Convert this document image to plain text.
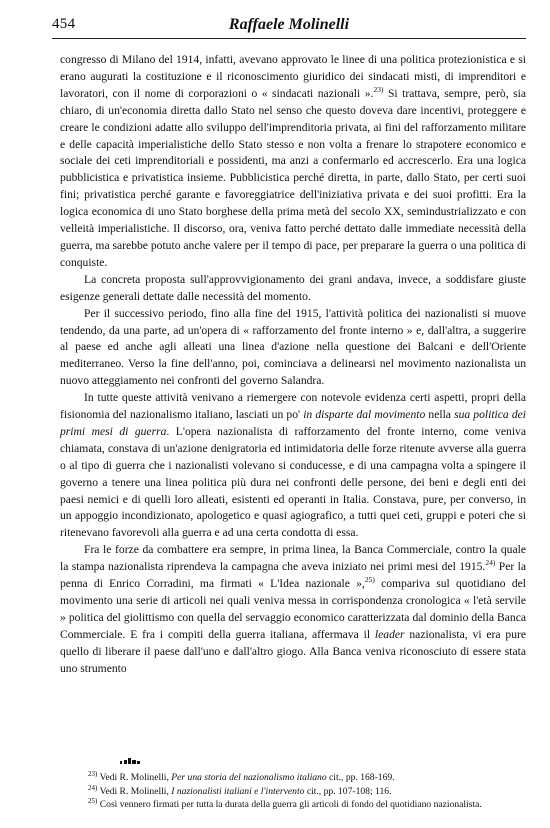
454	Raffaele Molinelli

congresso di Milano del 1914, infatti, avevano approvato le linee di una politica protezionistica e si erano augurati la costituzione e il riconoscimento giuridico dei sindacati misti, di imprenditori e lavoratori, con il nome di corporazioni o « sindacati nazionali ».$^{23)}$ Si trattava, sempre, però, sia chiaro, di un'economia diretta dallo Stato nel senso che questo doveva dare incentivi, proteggere e creare le condizioni adatte allo sviluppo dell'imprenditoria privata, ai fini del rafforzamento militare e delle capacità imperialistiche dello Stato stesso e non volta a frenare lo strapotere economico e sociale dei ceti imprenditoriali e possidenti, ma anzi a confermarlo ed accrescerlo. Era una logica pubblicistica e privatistica insieme. Pubblicistica perché diretta, in parte, dallo Stato, per certi suoi fini; privatistica perché garante e favoreggiatrice dell'iniziativa privata e dei suoi profitti. Era la logica economica di uno Stato borghese della prima metà del secolo XX, semindustrializzato e con velleità imperialistiche. Il discorso, ora, veniva fatto perché dettato dalle immediate necessità della guerra, ma sarebbe potuto anche valere per il tempo di pace, per preparare la guerra o una politica di conquiste.

La concreta proposta sull'approvvigionamento dei grani andava, invece, a soddisfare giuste esigenze generali dettate dalle necessità del momento.

Per il successivo periodo, fino alla fine del 1915, l'attività politica dei nazionalisti si muove tendendo, da una parte, ad un'opera di « rafforzamento del fronte interno » e, dall'altra, a suggerire al paese ed anche agli alleati una linea d'azione nella questione dei Balcani e dell'Oriente mediterraneo. Verso la fine dell'anno, poi, cominciava a delinearsi nel movimento nazionalista un nuovo atteggiamento nei confronti del governo Salandra.

In tutte queste attività venivano a riemergere con notevole evidenza certi aspetti, propri della fisionomia del nazionalismo italiano, lasciati un po' in disparte dal movimento nella sua politica dei primi mesi di guerra. L'opera nazionalista di rafforzamento del fronte interno, come veniva chiamata, constava di un'azione denigratoria ed intimidatoria delle forze ritenute avverse alla guerra o al tipo di guerra che i nazionalisti volevano si conducesse, e di una campagna volta a spingere il governo a tenere una linea politica più dura nei confronti delle persone, dei beni e degli enti dei paesi nemici e di quelli loro alleati, esistenti ed operanti in Italia. Constava, pure, per converso, in un appoggio incondizionato, apologetico e quasi agiografico, a tutti quei ceti, gruppi e poteri che si ritenevano favorevoli alla guerra e ad una certa condotta di essa.

Fra le forze da combattere era sempre, in prima linea, la Banca Commerciale, contro la quale la stampa nazionalista riprendeva la campagna che aveva iniziato nei primi mesi del 1915.$^{24)}$ Per la penna di Enrico Corradini, ma firmati « L'Idea nazionale »,$^{25)}$ compariva sul quotidiano del movimento una serie di articoli nei quali veniva messa in corrispondenza cronologica « l'età servile » politica del giolittismo con quella del servaggio economico caratterizzata dal dominio della Banca Commerciale. E fra i compiti della guerra italiana, affermava il leader nazionalista, vi era pure quello di liberare il paese dall'uno e dall'altro giogo. Alla Banca veniva riconosciuto di essere stata uno strumento

$^{23)}$ Vedi R. Molinelli, Per una storia del nazionalismo italiano cit., pp. 168-169.

$^{24)}$ Vedi R. Molinelli, I nazionalisti italiani e l'intervento cit., pp. 107-108; 116.

$^{25)}$ Così vennero firmati per tutta la durata della guerra gli articoli di fondo del quotidiano nazionalista.
